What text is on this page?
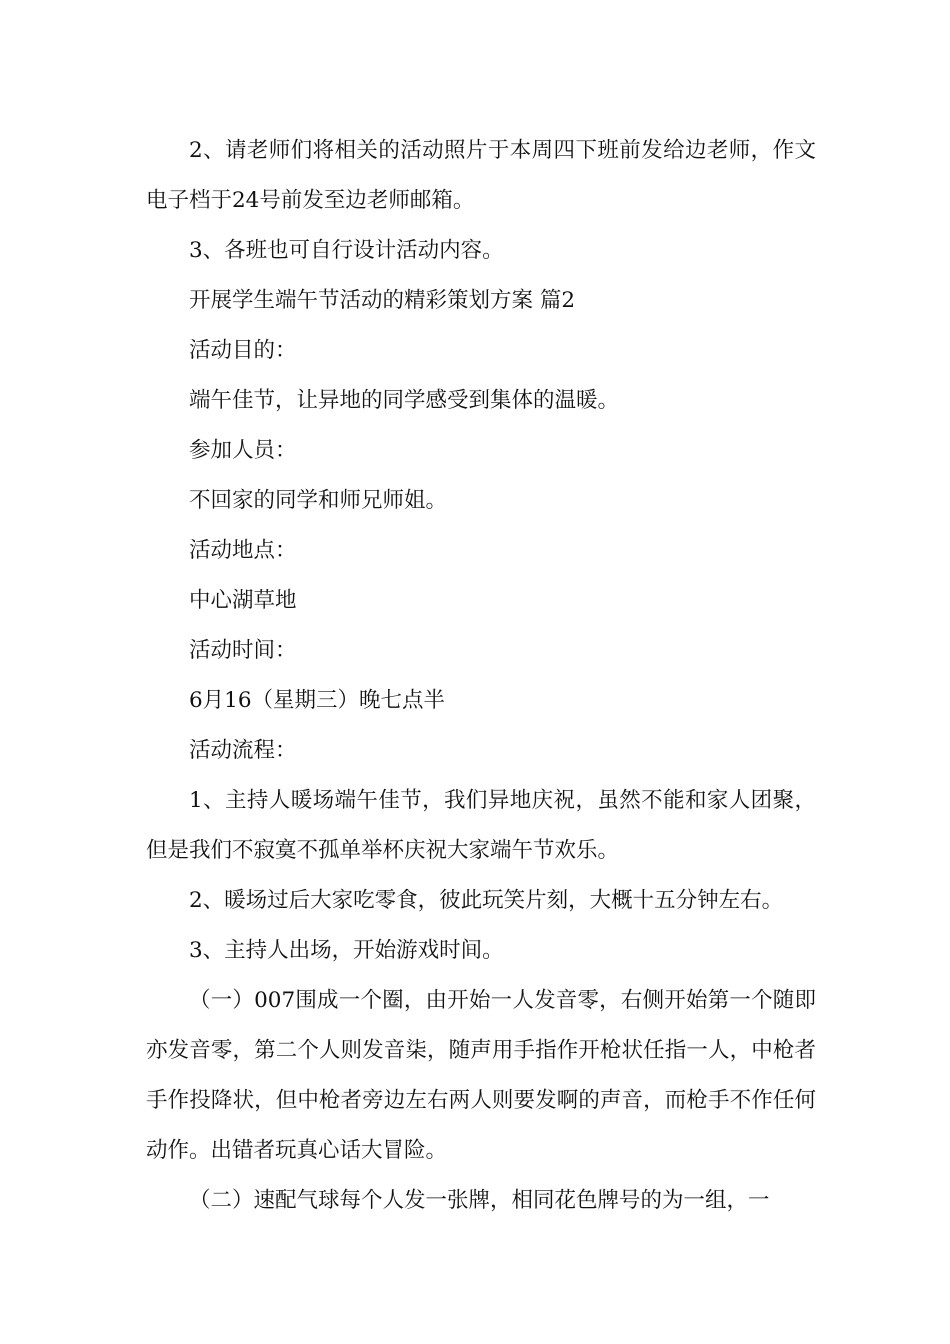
2、请老师们将相关的活动照片于本周四下班前发给边老师，作文电子档于24号前发至边老师邮箱。

3、各班也可自行设计活动内容。

开展学生端午节活动的精彩策划方案 篇2

活动目的：

端午佳节，让异地的同学感受到集体的温暖。

参加人员：

不回家的同学和师兄师姐。

活动地点：

中心湖草地

活动时间：

6月16（星期三）晚七点半

活动流程：

1、主持人暖场端午佳节，我们异地庆祝，虽然不能和家人团聚，但是我们不寂寞不孤单举杯庆祝大家端午节欢乐。

2、暖场过后大家吃零食，彼此玩笑片刻，大概十五分钟左右。

3、主持人出场，开始游戏时间。

（一）007围成一个圈，由开始一人发音零，右侧开始第一个随即亦发音零，第二个人则发音柒，随声用手指作开枪状任指一人，中枪者手作投降状，但中枪者旁边左右两人则要发啊的声音，而枪手不作任何动作。出错者玩真心话大冒险。

（二）速配气球每个人发一张牌，相同花色牌号的为一组，一
